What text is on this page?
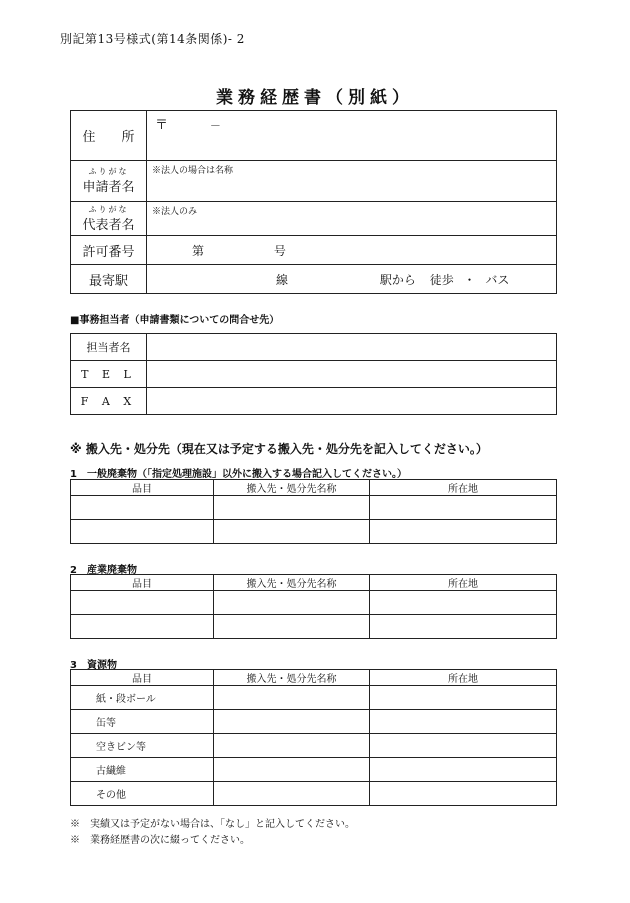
別記第13号様式(第14条関係)- 2
業務経歴書（別紙）
住　　所	〒 －

ふりがな
申請者名	※法人の場合は名称

ふりがな
代表者名	※法人のみ

許可番号	第 号
最寄駅	線 駅から 徒歩 ・ バス
■事務担当者（申請書類についての問合せ先）
担当者名	
T E L	
F A X	
※ 搬入先・処分先（現在又は予定する搬入先・処分先を記入してください。）
1　一般廃棄物（「指定処理施設」以外に搬入する場合記入してください。）
品目	搬入先・処分先名称	所在地

2　産業廃棄物
品目	搬入先・処分先名称	所在地

3　資源物
品目	搬入先・処分先名称	所在地
紙・段ボール		
缶等		
空きビン等		
古繊維		
その他		
※　実績又は予定がない場合は、「なし」と記入してください。
※　業務経歴書の次に綴ってください。
